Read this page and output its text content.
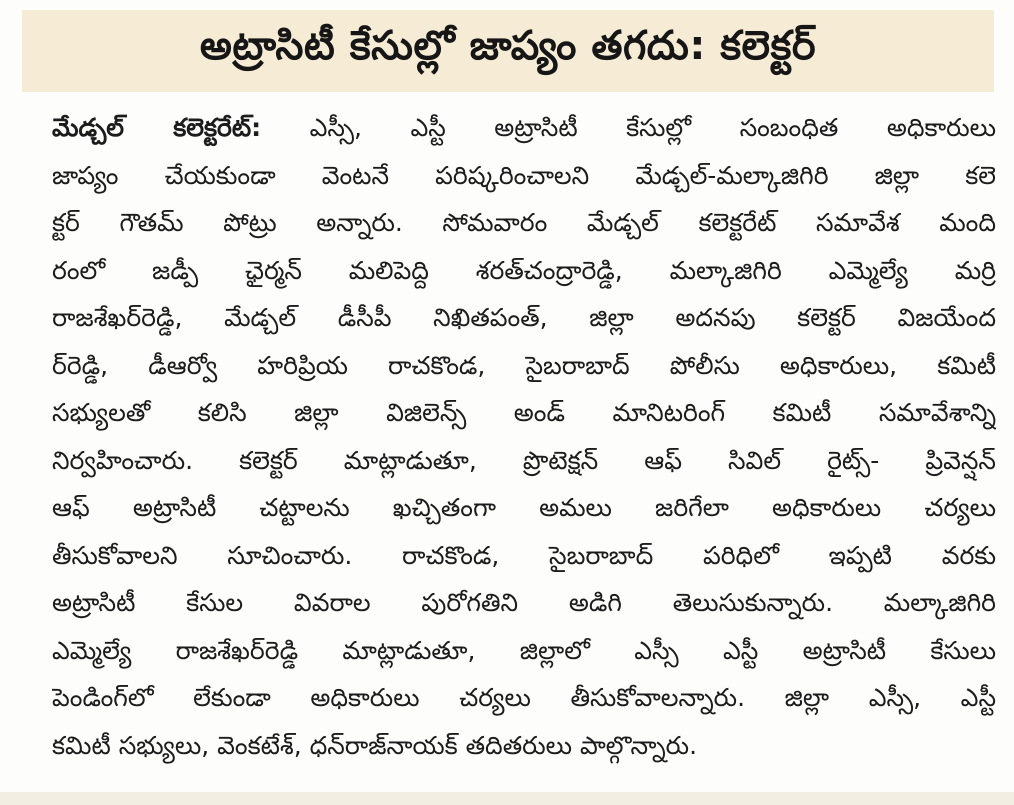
అట్రాసిటీ కేసుల్లో జాప్యం తగదు: కలెక్టర్
మేడ్చల్ కలెక్టరేట్: ఎస్సీ, ఎస్టీ అట్రాసిటీ కేసుల్లో సంబంధిత అధికారులు
జాప్యం చేయకుండా వెంటనే పరిష్కరించాలని మేడ్చల్-మల్కాజిగిరి జిల్లా కలె
క్టర్ గౌతమ్ పోట్రు అన్నారు. సోమవారం మేడ్చల్ కలెక్టరేట్ సమావేశ మంది
రంలో జడ్పీ ఛైర్మన్ మలిపెద్ది శరత్‌చంద్రారెడ్డి, మల్కాజిగిరి ఎమ్మెల్యే మర్రి
రాజశేఖర్‌రెడ్డి, మేడ్చల్ డీసీపీ నిఖితపంత్, జిల్లా అదనపు కలెక్టర్ విజయేంద
ర్‌రెడ్డి, డీఆర్వో హరిప్రియ రాచకొండ, సైబరాబాద్ పోలీసు అధికారులు, కమిటీ
సభ్యులతో కలిసి జిల్లా విజిలెన్స్ అండ్ మానిటరింగ్ కమిటీ సమావేశాన్ని
నిర్వహించారు. కలెక్టర్ మాట్లాడుతూ, ప్రొటెక్షన్ ఆఫ్ సివిల్ రైట్స్- ప్రివెన్షన్
ఆఫ్ అట్రాసిటీ చట్టాలను ఖచ్చితంగా అమలు జరిగేలా అధికారులు చర్యలు
తీసుకోవాలని సూచించారు. రాచకొండ, సైబరాబాద్ పరిధిలో ఇప్పటి వరకు
అట్రాసిటీ కేసుల వివరాల పురోగతిని అడిగి తెలుసుకున్నారు. మల్కాజిగిరి
ఎమ్మెల్యే రాజశేఖర్‌రెడ్డి మాట్లాడుతూ, జిల్లాలో ఎస్సీ ఎస్టీ అట్రాసిటీ కేసులు
పెండింగ్‌లో లేకుండా అధికారులు చర్యలు తీసుకోవాలన్నారు. జిల్లా ఎస్సీ, ఎస్టీ
కమిటీ సభ్యులు, వెంకటేశ్, ధన్‌రాజ్‌నాయక్ తదితరులు పాల్గొన్నారు.
